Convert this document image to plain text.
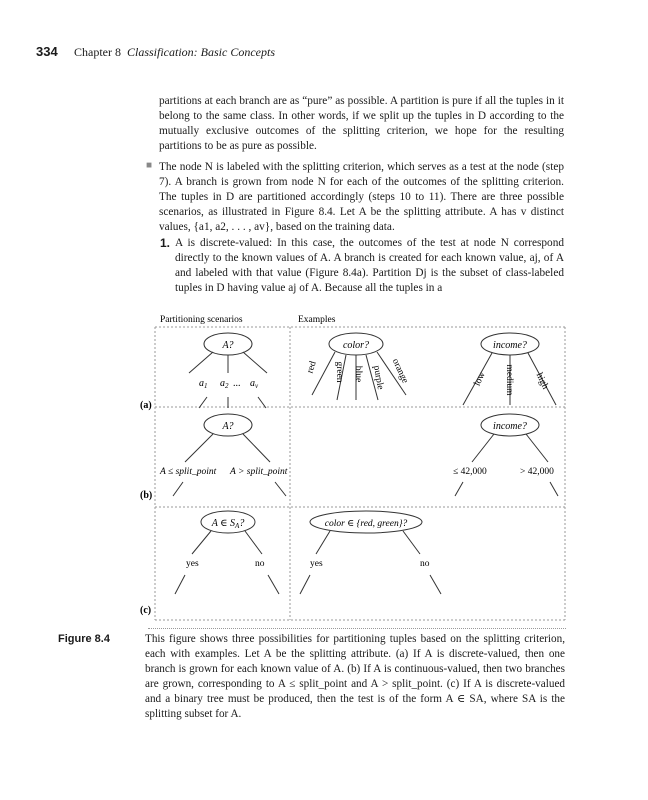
334 Chapter 8 Classification: Basic Concepts
partitions at each branch are as “pure” as possible. A partition is pure if all the tuples in it belong to the same class. In other words, if we split up the tuples in D according to the mutually exclusive outcomes of the splitting criterion, we hope for the resulting partitions to be as pure as possible.
■ The node N is labeled with the splitting criterion, which serves as a test at the node (step 7). A branch is grown from node N for each of the outcomes of the splitting criterion. The tuples in D are partitioned accordingly (steps 10 to 11). There are three possible scenarios, as illustrated in Figure 8.4. Let A be the splitting attribute. A has v distinct values, {a1, a2, . . . , av}, based on the training data.
1. A is discrete-valued: In this case, the outcomes of the test at node N correspond directly to the known values of A. A branch is created for each known value, aj, of A and labeled with that value (Figure 8.4a). Partition Dj is the subset of class-labeled tuples in D having value aj of A. Because all the tuples in a
Partitioning scenarios	Examples
(a)
(b)
(c)
A?
$a_1$ $a_2$ ... $a_v$
color?
red green blue purple orange
income?
low medium high
A?
A ≤ split_point A > split_point
income?
≤ 42,000	> 42,000
A ∈ $S_A$?
yes	no
color ∈ {red, green}?
yes	no
Figure 8.4	This figure shows three possibilities for partitioning tuples based on the splitting criterion, each with examples. Let A be the splitting attribute. (a) If A is discrete-valued, then one branch is grown for each known value of A. (b) If A is continuous-valued, then two branches are grown, corresponding to A ≤ split_point and A > split_point. (c) If A is discrete-valued and a binary tree must be produced, then the test is of the form A ∈ SA, where SA is the splitting subset for A.
